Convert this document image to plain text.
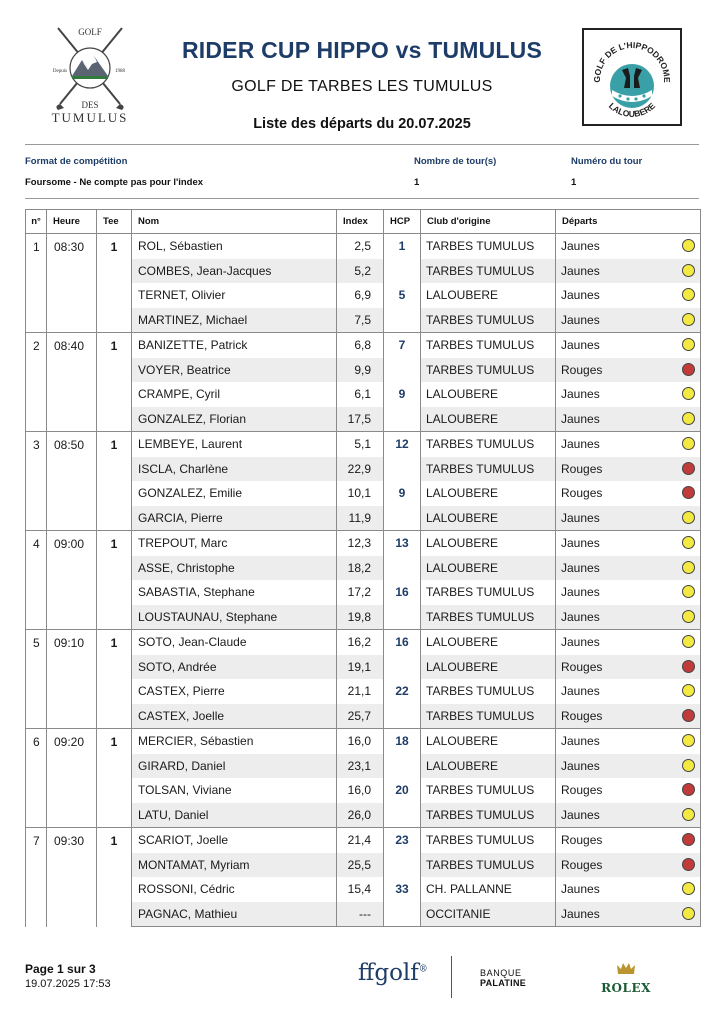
GOLF
Depuis	1988
DES
TUMULUS
GOLF DE L'HIPPODROME
LALOUBERE
RIDER CUP HIPPO vs TUMULUS
GOLF DE TARBES LES TUMULUS
Liste des départs du 20.07.2025
Format de compétition
Foursome - Ne compte pas pour l'index
Nombre de tour(s)
1
Numéro du tour
1
n°	Heure	Tee	Nom	Index	HCP	Club d'origine	Départs
1	08:30	1	ROL, Sébastien	2,5	1	TARBES TUMULUS	Jaunes

			COMBES, Jean-Jacques	5,2		TARBES TUMULUS	Jaunes

			TERNET, Olivier	6,9	5	LALOUBERE	Jaunes

			MARTINEZ, Michael	7,5		TARBES TUMULUS	Jaunes

2	08:40	1	BANIZETTE, Patrick	6,8	7	TARBES TUMULUS	Jaunes

			VOYER, Beatrice	9,9		TARBES TUMULUS	Rouges

			CRAMPE, Cyril	6,1	9	LALOUBERE	Jaunes

			GONZALEZ, Florian	17,5		LALOUBERE	Jaunes

3	08:50	1	LEMBEYE, Laurent	5,1	12	TARBES TUMULUS	Jaunes

			ISCLA, Charlène	22,9		TARBES TUMULUS	Rouges

			GONZALEZ, Emilie	10,1	9	LALOUBERE	Rouges

			GARCIA, Pierre	11,9		LALOUBERE	Jaunes

4	09:00	1	TREPOUT, Marc	12,3	13	LALOUBERE	Jaunes

			ASSE, Christophe	18,2		LALOUBERE	Jaunes

			SABASTIA, Stephane	17,2	16	TARBES TUMULUS	Jaunes

			LOUSTAUNAU, Stephane	19,8		TARBES TUMULUS	Jaunes

5	09:10	1	SOTO, Jean-Claude	16,2	16	LALOUBERE	Jaunes

			SOTO, Andrée	19,1		LALOUBERE	Rouges

			CASTEX, Pierre	21,1	22	TARBES TUMULUS	Jaunes

			CASTEX, Joelle	25,7		TARBES TUMULUS	Rouges

6	09:20	1	MERCIER, Sébastien	16,0	18	LALOUBERE	Jaunes

			GIRARD, Daniel	23,1		LALOUBERE	Jaunes

			TOLSAN, Viviane	16,0	20	TARBES TUMULUS	Rouges

			LATU, Daniel	26,0		TARBES TUMULUS	Jaunes

7	09:30	1	SCARIOT, Joelle	21,4	23	TARBES TUMULUS	Rouges

			MONTAMAT, Myriam	25,5		TARBES TUMULUS	Rouges

			ROSSONI, Cédric	15,4	33	CH. PALLANNE	Jaunes

			PAGNAC, Mathieu	---		OCCITANIE	Jaunes
Page 1 sur 3
19.07.2025 17:53	ffgolf®	BANQUE
PALATINE	ROLEX
